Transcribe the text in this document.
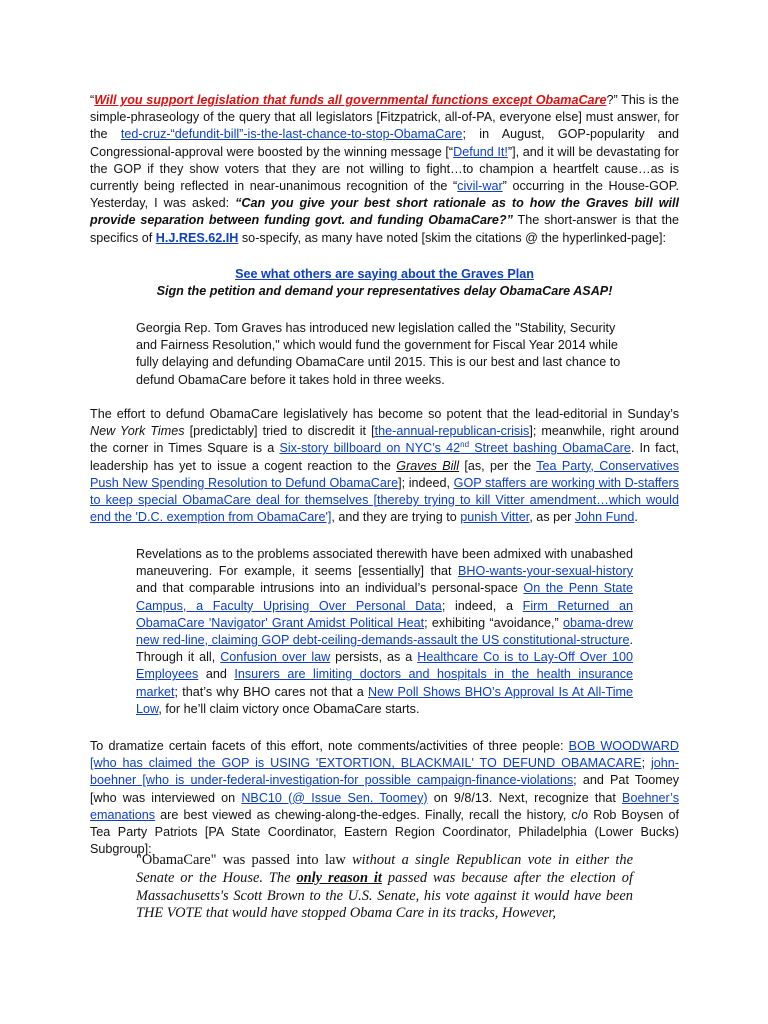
“Will you support legislation that funds all governmental functions except ObamaCare?” This is the simple-phraseology of the query that all legislators [Fitzpatrick, all-of-PA, everyone else] must answer, for the ted-cruz-“defundit-bill”-is-the-last-chance-to-stop-ObamaCare; in August, GOP-popularity and Congressional-approval were boosted by the winning message [“Defund It!”], and it will be devastating for the GOP if they show voters that they are not willing to fight…to champion a heartfelt cause…as is currently being reflected in near-unanimous recognition of the “civil-war” occurring in the House-GOP. Yesterday, I was asked: “Can you give your best short rationale as to how the Graves bill will provide separation between funding govt. and funding ObamaCare?” The short-answer is that the specifics of H.J.RES.62.IH so-specify, as many have noted [skim the citations @ the hyperlinked-page]:
See what others are saying about the Graves Plan
Sign the petition and demand your representatives delay ObamaCare ASAP!
Georgia Rep. Tom Graves has introduced new legislation called the "Stability, Security and Fairness Resolution," which would fund the government for Fiscal Year 2014 while fully delaying and defunding ObamaCare until 2015. This is our best and last chance to defund ObamaCare before it takes hold in three weeks.
The effort to defund ObamaCare legislatively has become so potent that the lead-editorial in Sunday’s New York Times [predictably] tried to discredit it [the-annual-republican-crisis]; meanwhile, right around the corner in Times Square is a Six-story billboard on NYC’s 42nd Street bashing ObamaCare. In fact, leadership has yet to issue a cogent reaction to the Graves Bill [as, per the Tea Party, Conservatives Push New Spending Resolution to Defund ObamaCare]; indeed, GOP staffers are working with D-staffers to keep special ObamaCare deal for themselves [thereby trying to kill Vitter amendment…which would end the 'D.C. exemption from ObamaCare'], and they are trying to punish Vitter, as per John Fund.
Revelations as to the problems associated therewith have been admixed with unabashed maneuvering. For example, it seems [essentially] that BHO-wants-your-sexual-history and that comparable intrusions into an individual’s personal-space On the Penn State Campus, a Faculty Uprising Over Personal Data; indeed, a Firm Returned an ObamaCare 'Navigator' Grant Amidst Political Heat; exhibiting “avoidance,” obama-drew new red-line, claiming GOP debt-ceiling-demands-assault the US constitutional-structure. Through it all, Confusion over law persists, as a Healthcare Co is to Lay-Off Over 100 Employees and Insurers are limiting doctors and hospitals in the health insurance market; that’s why BHO cares not that a New Poll Shows BHO’s Approval Is At All-Time Low, for he’ll claim victory once ObamaCare starts.
To dramatize certain facets of this effort, note comments/activities of three people: BOB WOODWARD [who has claimed the GOP is USING 'EXTORTION, BLACKMAIL' TO DEFUND OBAMACARE; john-boehner [who is under-federal-investigation-for possible campaign-finance-violations; and Pat Toomey [who was interviewed on NBC10 (@ Issue Sen. Toomey) on 9/8/13. Next, recognize that Boehner’s emanations are best viewed as chewing-along-the-edges. Finally, recall the history, c/o Rob Boysen of Tea Party Patriots [PA State Coordinator, Eastern Region Coordinator, Philadelphia (Lower Bucks) Subgroup]:
"ObamaCare" was passed into law without a single Republican vote in either the Senate or the House. The only reason it passed was because after the election of Massachusetts's Scott Brown to the U.S. Senate, his vote against it would have been THE VOTE that would have stopped Obama Care in its tracks, However,
